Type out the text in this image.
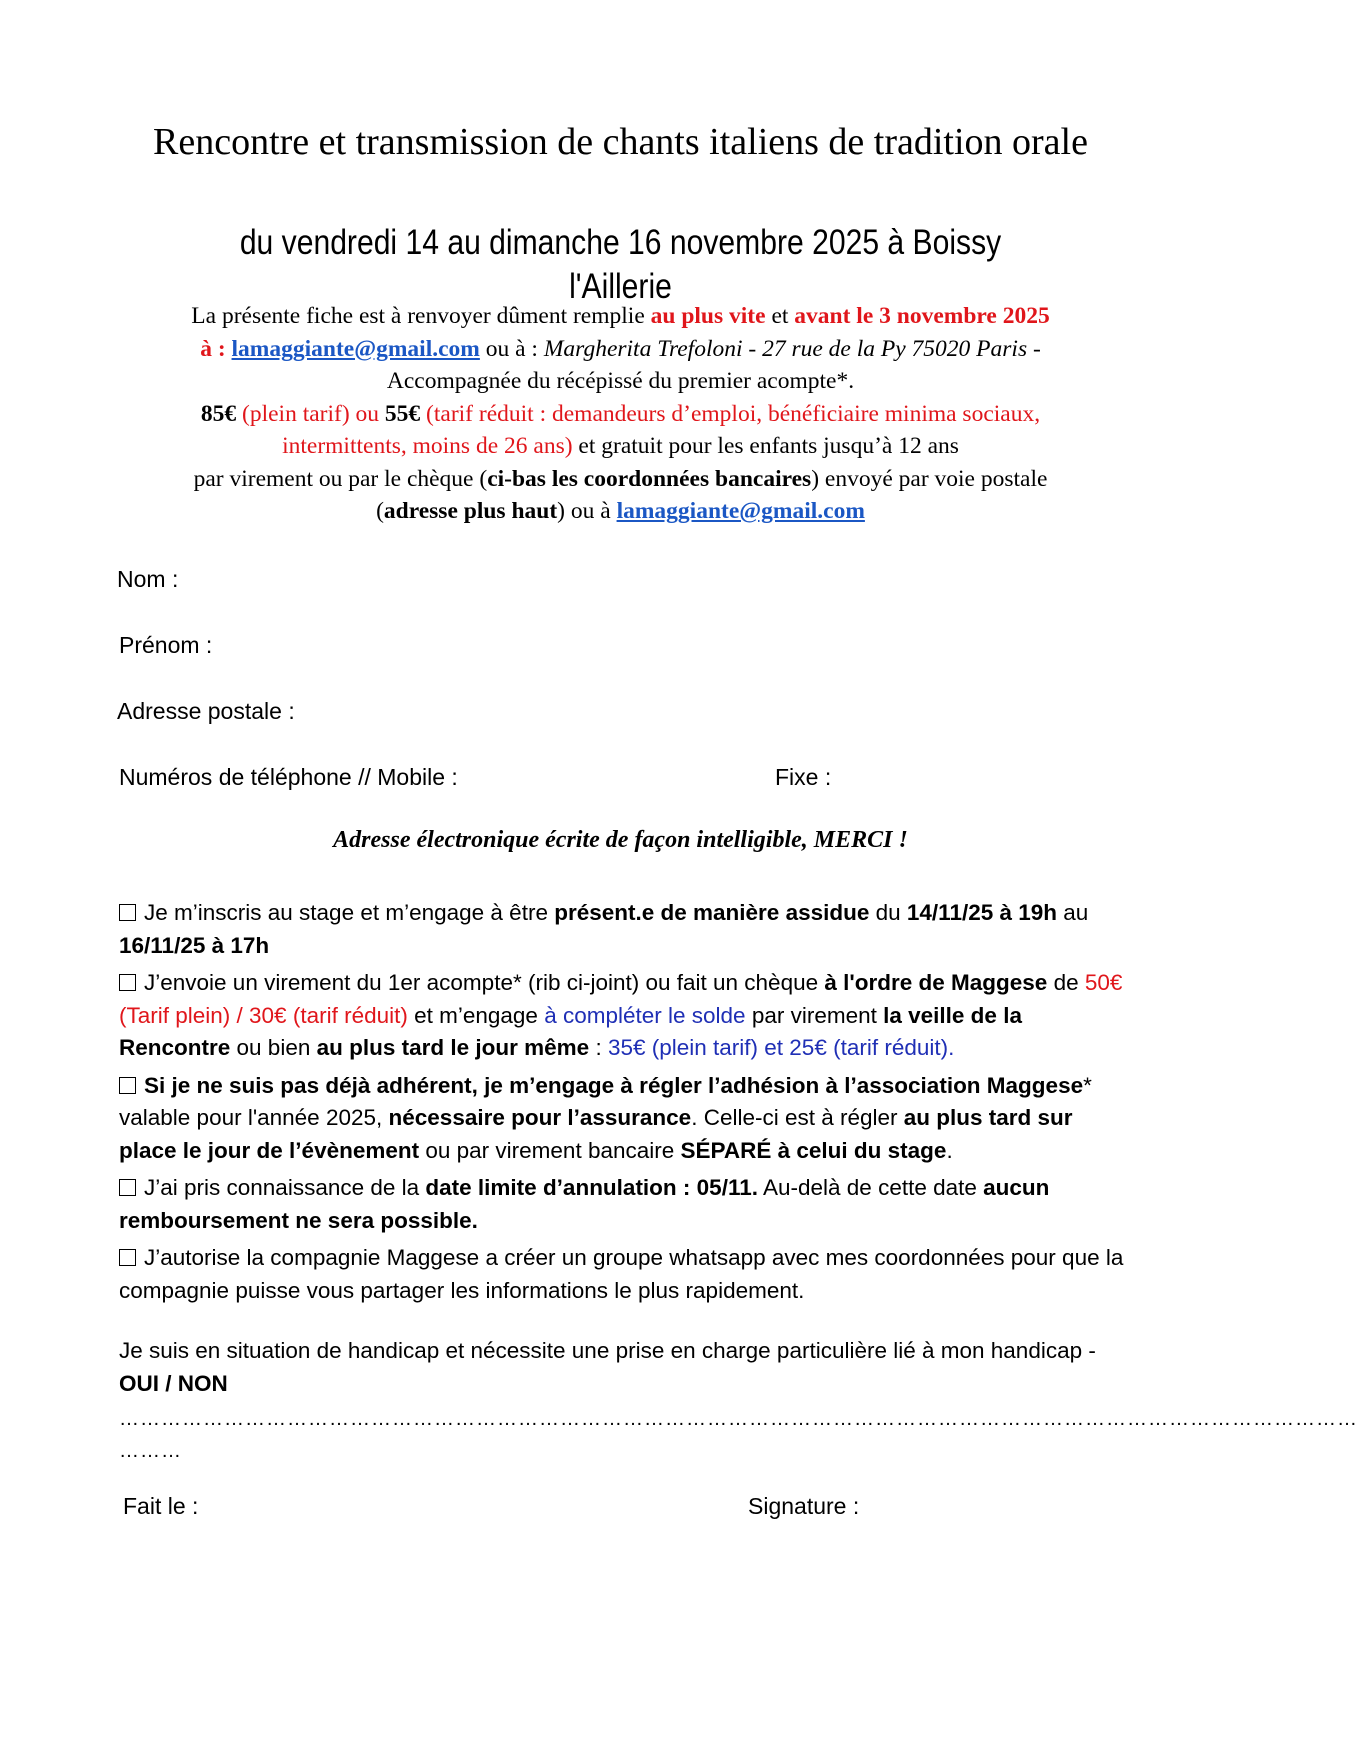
Rencontre et transmission de chants italiens de tradition orale
du vendredi 14 au dimanche 16 novembre 2025 à Boissy l'Aillerie
La présente fiche est à renvoyer dûment remplie au plus vite et avant le 3 novembre 2025
à : lamaggiante@gmail.com ou à : Margherita Trefoloni - 27 rue de la Py 75020 Paris -
Accompagnée du récépissé du premier acompte*.
85€ (plein tarif) ou 55€ (tarif réduit : demandeurs d’emploi, bénéficiaire minima sociaux,
intermittents, moins de 26 ans) et gratuit pour les enfants jusqu’à 12 ans
par virement ou par le chèque (ci-bas les coordonnées bancaires) envoyé par voie postale
(adresse plus haut) ou à lamaggiante@gmail.com
Nom :
Prénom :
Adresse postale :
Numéros de téléphone // Mobile :	Fixe :
Adresse électronique écrite de façon intelligible, MERCI !
Je m’inscris au stage et m’engage à être présent.e de manière assidue du 14/11/25 à 19h au 16/11/25 à 17h
J’envoie un virement du 1er acompte* (rib ci-joint) ou fait un chèque à l'ordre de Maggese de 50€ (Tarif plein) / 30€ (tarif réduit) et m’engage à compléter le solde par virement la veille de la Rencontre ou bien au plus tard le jour même : 35€ (plein tarif) et 25€ (tarif réduit).
Si je ne suis pas déjà adhérent, je m’engage à régler l’adhésion à l’association Maggese* valable pour l'année 2025, nécessaire pour l’assurance. Celle-ci est à régler au plus tard sur place le jour de l’évènement ou par virement bancaire SÉPARÉ à celui du stage.
J’ai pris connaissance de la date limite d’annulation : 05/11. Au-delà de cette date aucun remboursement ne sera possible.
J’autorise la compagnie Maggese a créer un groupe whatsapp avec mes coordonnées pour que la compagnie puisse vous partager les informations le plus rapidement.
Je suis en situation de handicap et nécessite une prise en charge particulière lié à mon handicap - OUI / NON
……………………………………………………………………………………………………………………………………………………………
………
Fait le :	Signature :
